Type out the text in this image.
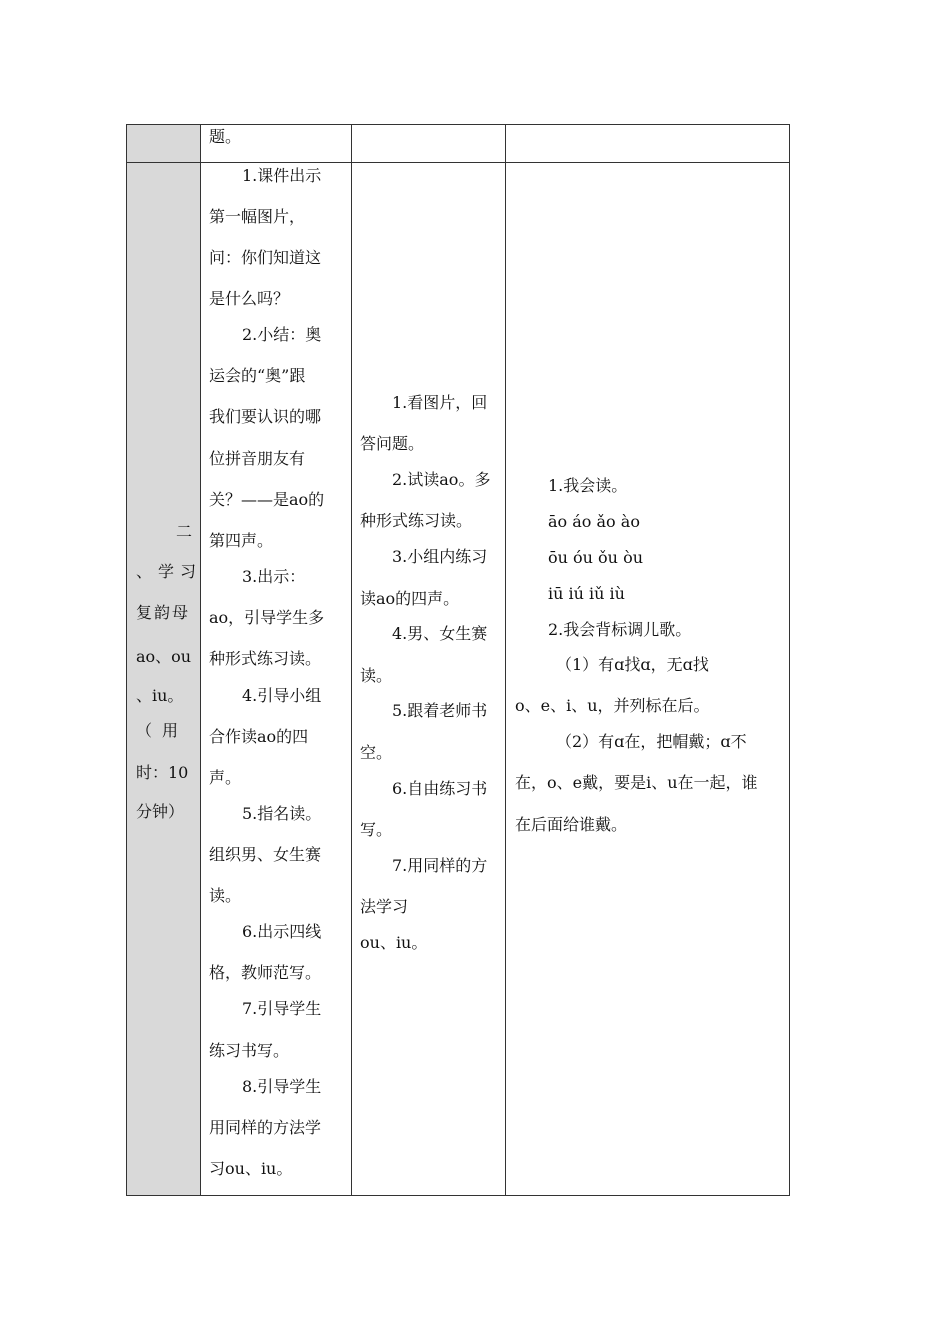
题。
二
、学习
复韵母
ao、ou
、iu。
（用
时：10
分钟）
1.课件出示
第一幅图片，
问：你们知道这
是什么吗？
2.小结：奥
运会的“奥”跟
我们要认识的哪
位拼音朋友有
关？——是ao的
第四声。
3.出示：
ao，引导学生多
种形式练习读。
4.引导小组
合作读ao的四
声。
5.指名读。
组织男、女生赛
读。
6.出示四线
格，教师范写。
7.引导学生
练习书写。
8.引导学生
用同样的方法学
习ou、iu。
1.看图片，回
答问题。
2.试读ao。多
种形式练习读。
3.小组内练习
读ao的四声。
4.男、女生赛
读。
5.跟着老师书
空。
6.自由练习书
写。
7.用同样的方
法学习
ou、iu。
1.我会读。
āo áo ǎo ào
ōu óu ǒu òu
iū iú iǔ iù
2.我会背标调儿歌。
（1）有ɑ找ɑ，无ɑ找
o、e、i、u，并列标在后。
（2）有ɑ在，把帽戴；ɑ不
在，o、e戴，要是i、u在一起，谁
在后面给谁戴。
